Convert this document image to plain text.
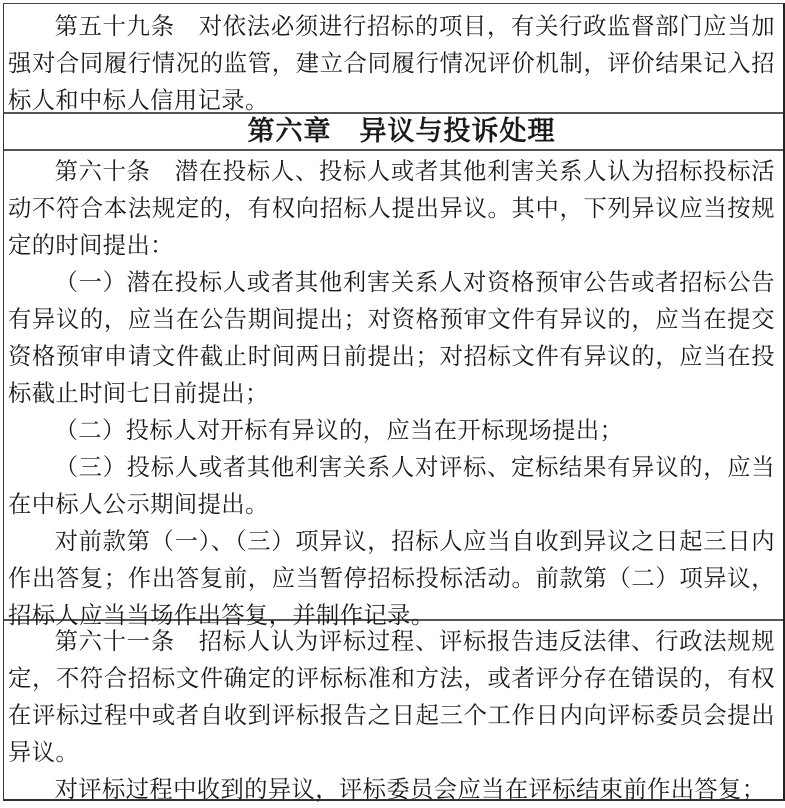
第五十九条　对依法必须进行招标的项目，有关行政监督部门应当加强对合同履行情况的监管，建立合同履行情况评价机制，评价结果记入招标人和中标人信用记录。

第六章　异议与投诉处理

第六十条　潜在投标人、投标人或者其他利害关系人认为招标投标活动不符合本法规定的，有权向招标人提出异议。其中，下列异议应当按规定的时间提出：

（一）潜在投标人或者其他利害关系人对资格预审公告或者招标公告有异议的，应当在公告期间提出；对资格预审文件有异议的，应当在提交资格预审申请文件截止时间两日前提出；对招标文件有异议的，应当在投标截止时间七日前提出；

（二）投标人对开标有异议的，应当在开标现场提出；

（三）投标人或者其他利害关系人对评标、定标结果有异议的，应当在中标人公示期间提出。

对前款第（一）、（三）项异议，招标人应当自收到异议之日起三日内作出答复；作出答复前，应当暂停招标投标活动。前款第（二）项异议，招标人应当当场作出答复，并制作记录。

第六十一条　招标人认为评标过程、评标报告违反法律、行政法规规定，不符合招标文件确定的评标标准和方法，或者评分存在错误的，有权在评标过程中或者自收到评标报告之日起三个工作日内向评标委员会提出异议。

对评标过程中收到的异议，评标委员会应当在评标结束前作出答复；
